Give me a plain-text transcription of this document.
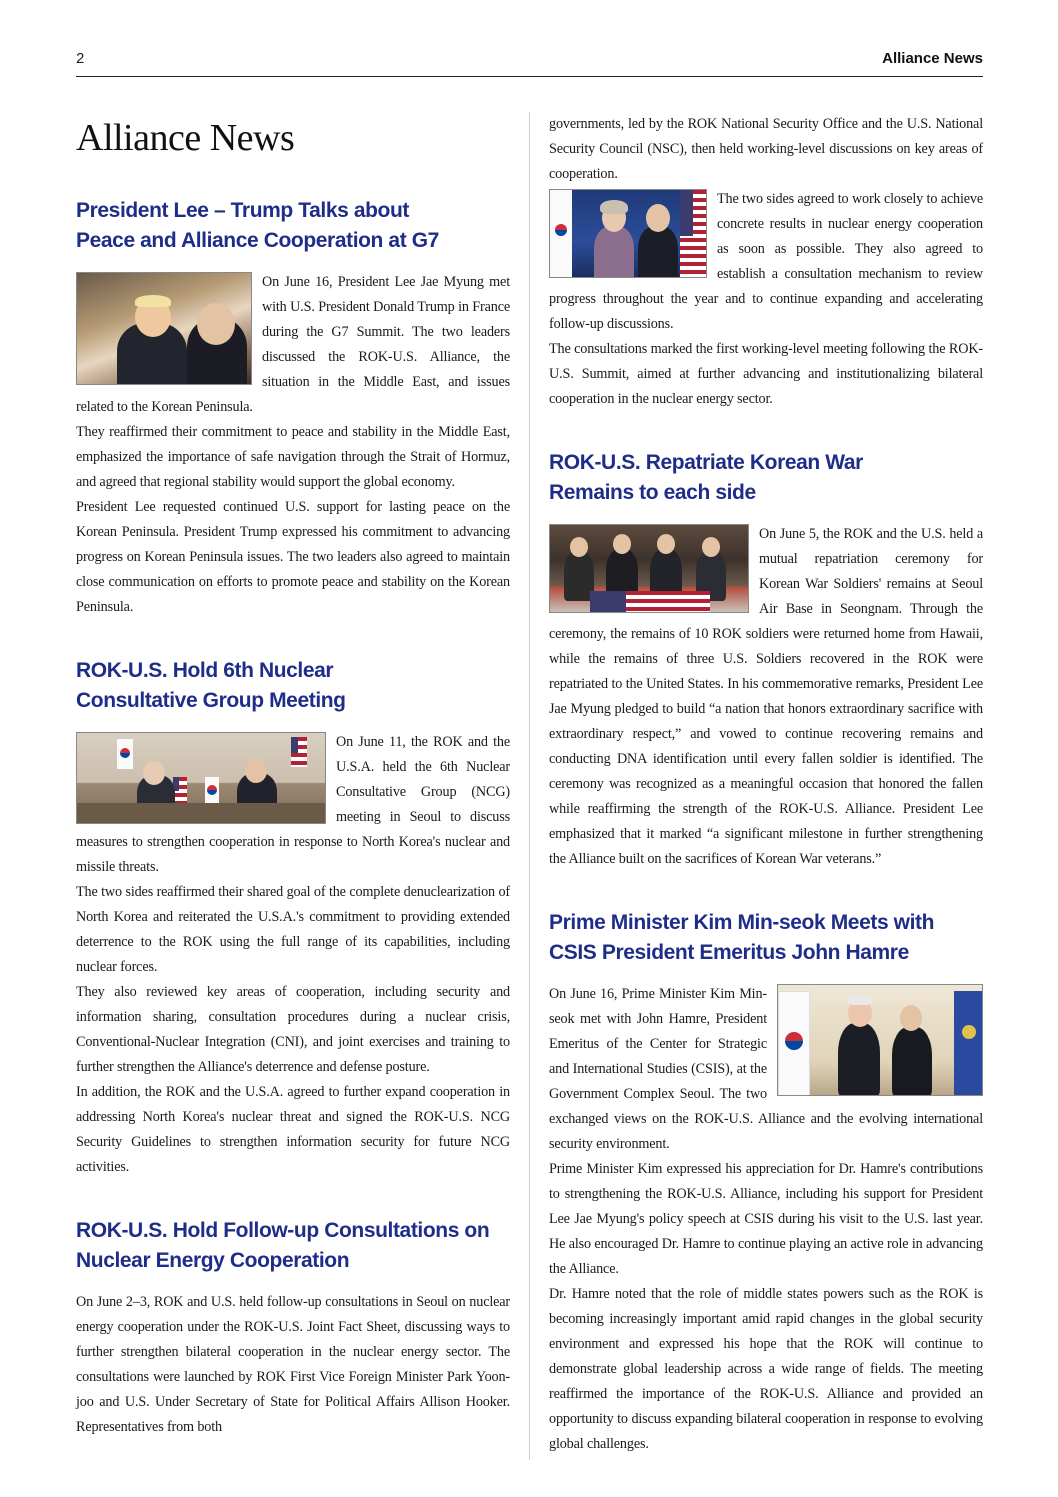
2	Alliance News
Alliance News
President Lee – Trump Talks about
Peace and Alliance Cooperation at G7

On June 16, President Lee Jae Myung met with U.S. President Donald Trump in France during the G7 Summit. The two leaders discussed the ROK-U.S. Alliance, the situation in the Middle East, and issues related to the Korean Peninsula.

They reaffirmed their commitment to peace and stability in the Middle East, emphasized the importance of safe navigation through the Strait of Hormuz, and agreed that regional stability would support the global economy.

President Lee requested continued U.S. support for lasting peace on the Korean Peninsula. President Trump expressed his commitment to advancing progress on Korean Peninsula issues. The two leaders also agreed to maintain close communication on efforts to promote peace and stability on the Korean Peninsula.

ROK-U.S. Hold 6th Nuclear
Consultative Group Meeting

On June 11, the ROK and the U.S.A. held the 6th Nuclear Consultative Group (NCG) meeting in Seoul to discuss measures to strengthen cooperation in response to North Korea's nuclear and missile threats.

The two sides reaffirmed their shared goal of the complete denuclearization of North Korea and reiterated the U.S.A.'s commitment to providing extended deterrence to the ROK using the full range of its capabilities, including nuclear forces.

They also reviewed key areas of cooperation, including security and information sharing, consultation procedures during a nuclear crisis, Conventional-Nuclear Integration (CNI), and joint exercises and training to further strengthen the Alliance's deterrence and defense posture.

In addition, the ROK and the U.S.A. agreed to further expand cooperation in addressing North Korea's nuclear threat and signed the ROK-U.S. NCG Security Guidelines to strengthen information security for future NCG activities.

ROK-U.S. Hold Follow-up Consultations on
Nuclear Energy Cooperation

On June 2–3, ROK and U.S. held follow-up consultations in Seoul on nuclear energy cooperation under the ROK-U.S. Joint Fact Sheet, discussing ways to further strengthen bilateral cooperation in the nuclear energy sector. The consultations were launched by ROK First Vice Foreign Minister Park Yoon-joo and U.S. Under Secretary of State for Political Affairs Allison Hooker. Representatives from both

governments, led by the ROK National Security Office and the U.S. National Security Council (NSC), then held working-level discussions on key areas of cooperation.

The two sides agreed to work closely to achieve concrete results in nuclear energy cooperation as soon as possible. They also agreed to establish a consultation mechanism to review progress throughout the year and to continue expanding and accelerating follow-up discussions.

The consultations marked the first working-level meeting following the ROK-U.S. Summit, aimed at further advancing and institutionalizing bilateral cooperation in the nuclear energy sector.

ROK-U.S. Repatriate Korean War
Remains to each side

On June 5, the ROK and the U.S. held a mutual repatriation ceremony for Korean War Soldiers' remains at Seoul Air Base in Seongnam. Through the ceremony, the remains of 10 ROK soldiers were returned home from Hawaii, while the remains of three U.S. Soldiers recovered in the ROK were repatriated to the United States. In his commemorative remarks, President Lee Jae Myung pledged to build “a nation that honors extraordinary sacrifice with extraordinary respect,” and vowed to continue recovering remains and conducting DNA identification until every fallen soldier is identified. The ceremony was recognized as a meaningful occasion that honored the fallen while reaffirming the strength of the ROK-U.S. Alliance. President Lee emphasized that it marked “a significant milestone in further strengthening the Alliance built on the sacrifices of Korean War veterans.”

Prime Minister Kim Min-seok Meets with
CSIS President Emeritus John Hamre

On June 16, Prime Minister Kim Min-seok met with John Hamre, President Emeritus of the Center for Strategic and International Studies (CSIS), at the Government Complex Seoul. The two exchanged views on the ROK-U.S. Alliance and the evolving international security environment.

Prime Minister Kim expressed his appreciation for Dr. Hamre's contributions to strengthening the ROK-U.S. Alliance, including his support for President Lee Jae Myung's policy speech at CSIS during his visit to the U.S. last year. He also encouraged Dr. Hamre to continue playing an active role in advancing the Alliance.

Dr. Hamre noted that the role of middle states powers such as the ROK is becoming increasingly important amid rapid changes in the global security environment and expressed his hope that the ROK will continue to demonstrate global leadership across a wide range of fields. The meeting reaffirmed the importance of the ROK-U.S. Alliance and provided an opportunity to discuss expanding bilateral cooperation in response to evolving global challenges.
